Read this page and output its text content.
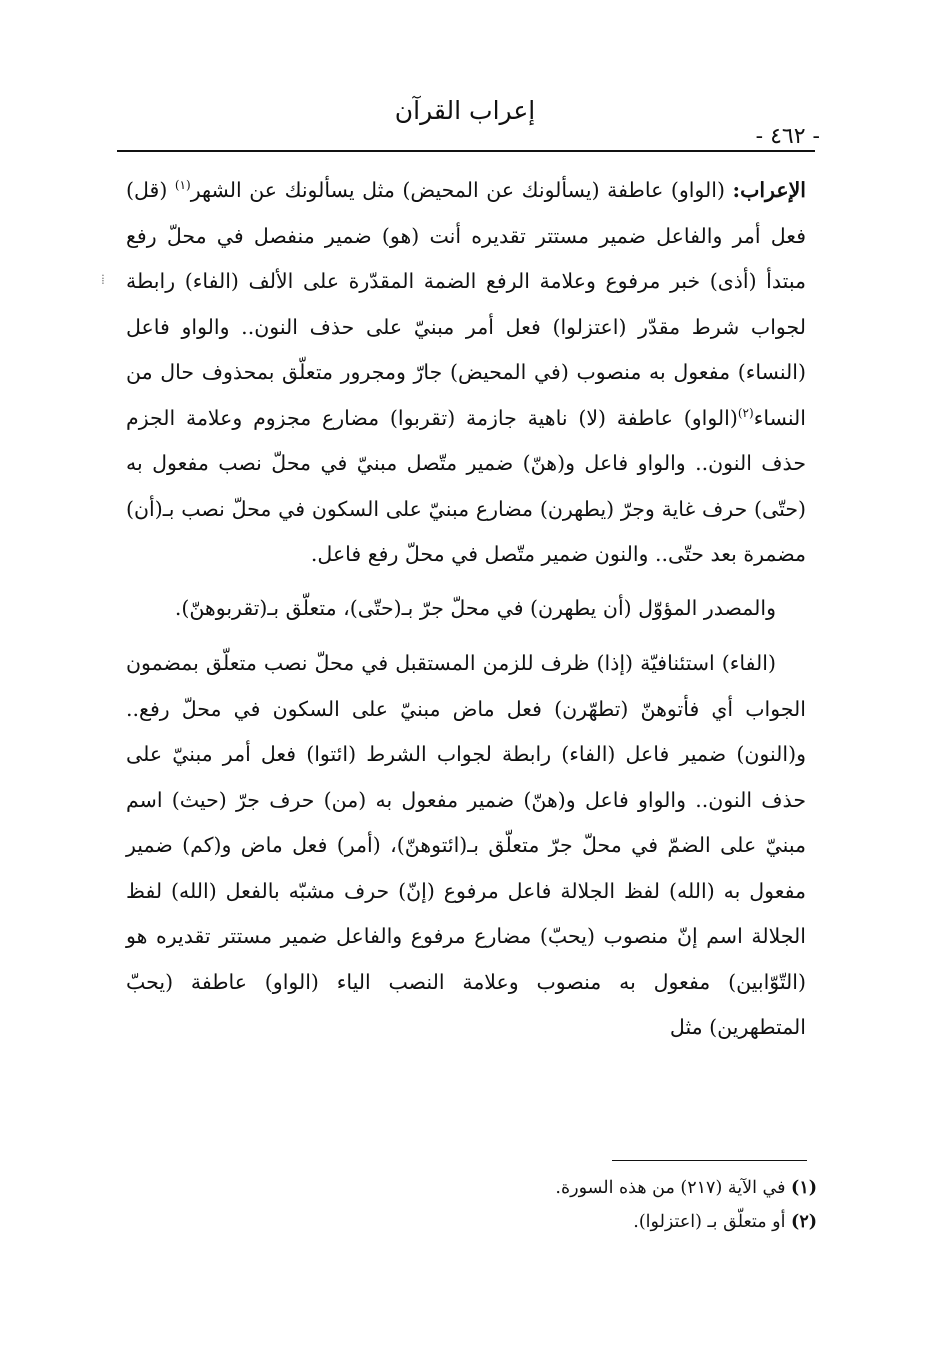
إعراب القرآن
- ٤٦٢ -
⁞

الإعراب: (الواو) عاطفة (يسألونك عن المحيض) مثل يسألونك عن الشهر$^{(١)}$ (قل) فعل أمر والفاعل ضمير مستتر تقديره أنت (هو) ضمير منفصل في محلّ رفع مبتدأ (أذى) خبر مرفوع وعلامة الرفع الضمة المقدّرة على الألف (الفاء) رابطة لجواب شرط مقدّر (اعتزلوا) فعل أمر مبنيّ على حذف النون.. والواو فاعل (النساء) مفعول به منصوب (في المحيض) جارّ ومجرور متعلّق بمحذوف حال من النساء$^{(٢)}$(الواو) عاطفة (لا) ناهية جازمة (تقربوا) مضارع مجزوم وعلامة الجزم حذف النون.. والواو فاعل و(هنّ) ضمير متّصل مبنيّ في محلّ نصب مفعول به (حتّى) حرف غاية وجرّ (يطهرن) مضارع مبنيّ على السكون في محلّ نصب بـ(أن) مضمرة بعد حتّى.. والنون ضمير متّصل في محلّ رفع فاعل.

والمصدر المؤوّل (أن يطهرن) في محلّ جرّ بـ(حتّى)، متعلّق بـ(تقربوهنّ).

(الفاء) استئنافيّة (إذا) ظرف للزمن المستقبل في محلّ نصب متعلّق بمضمون الجواب أي فأتوهنّ (تطهّرن) فعل ماض مبنيّ على السكون في محلّ رفع.. و(النون) ضمير فاعل (الفاء) رابطة لجواب الشرط (ائتوا) فعل أمر مبنيّ على حذف النون.. والواو فاعل و(هنّ) ضمير مفعول به (من) حرف جرّ (حيث) اسم مبنيّ على الضمّ في محلّ جرّ متعلّق بـ(ائتوهنّ)، (أمر) فعل ماض و(كم) ضمير مفعول به (الله) لفظ الجلالة فاعل مرفوع (إنّ) حرف مشبّه بالفعل (الله) لفظ الجلالة اسم إنّ منصوب (يحبّ) مضارع مرفوع والفاعل ضمير مستتر تقديره هو (التّوّابين) مفعول به منصوب وعلامة النصب الياء (الواو) عاطفة (يحبّ المتطهرين) مثل

(١) في الآية (٢١٧) من هذه السورة.
(٢) أو متعلّق بـ (اعتزلوا).
